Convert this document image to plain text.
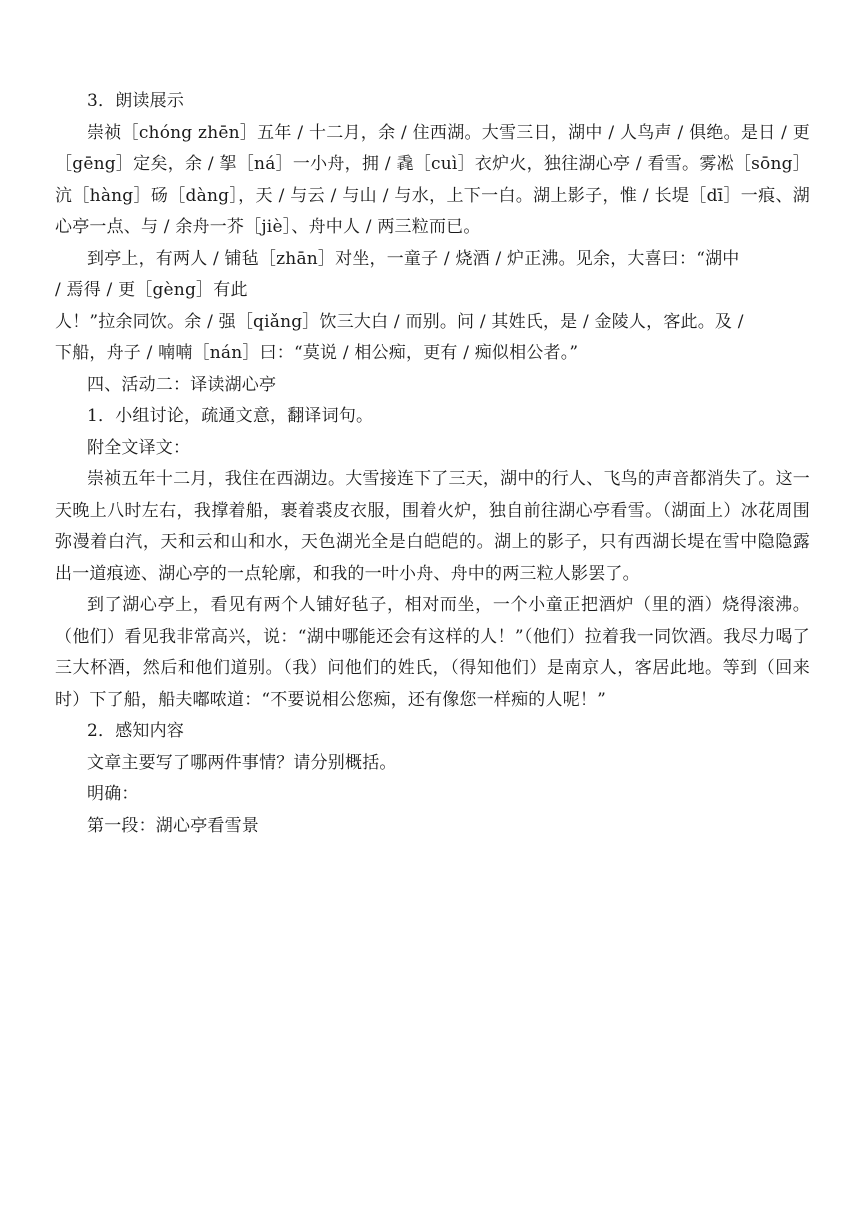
3．朗读展示

崇祯［chóng zhēn］五年 / 十二月，余 / 住西湖。大雪三日，湖中 / 人鸟声 / 俱绝。是日 / 更［gēng］定矣，余 / 挐［ná］一小舟，拥 / 毳［cuì］衣炉火，独往湖心亭 / 看雪。雾凇［sōng］沆［hàng］砀［dàng］，天 / 与云 / 与山 / 与水，上下一白。湖上影子，惟 / 长堤［dī］一痕、湖心亭一点、与 / 余舟一芥［jiè］、舟中人 / 两三粒而已。

到亭上，有两人 / 铺毡［zhān］对坐，一童子 / 烧酒 / 炉正沸。见余，大喜曰：“湖中

/ 焉得 / 更［gèng］有此

人！”拉余同饮。余 / 强［qiǎng］饮三大白 / 而别。问 / 其姓氏，是 / 金陵人，客此。及 /

下船，舟子 / 喃喃［nán］曰：“莫说 / 相公痴，更有 / 痴似相公者。”

四、活动二：译读湖心亭

1．小组讨论，疏通文意，翻译词句。

附全文译文：

崇祯五年十二月，我住在西湖边。大雪接连下了三天，湖中的行人、飞鸟的声音都消失了。这一天晚上八时左右，我撑着船，裹着裘皮衣服，围着火炉，独自前往湖心亭看雪。（湖面上）冰花周围弥漫着白汽，天和云和山和水，天色湖光全是白皑皑的。湖上的影子，只有西湖长堤在雪中隐隐露出一道痕迹、湖心亭的一点轮廓，和我的一叶小舟、舟中的两三粒人影罢了。

到了湖心亭上，看见有两个人铺好毡子，相对而坐，一个小童正把酒炉（里的酒）烧得滚沸。（他们）看见我非常高兴，说：“湖中哪能还会有这样的人！”（他们）拉着我一同饮酒。我尽力喝了三大杯酒，然后和他们道别。（我）问他们的姓氏，（得知他们）是南京人，客居此地。等到（回来时）下了船，船夫嘟哝道：“不要说相公您痴，还有像您一样痴的人呢！”

2．感知内容

文章主要写了哪两件事情？请分别概括。

明确：

第一段：湖心亭看雪景
